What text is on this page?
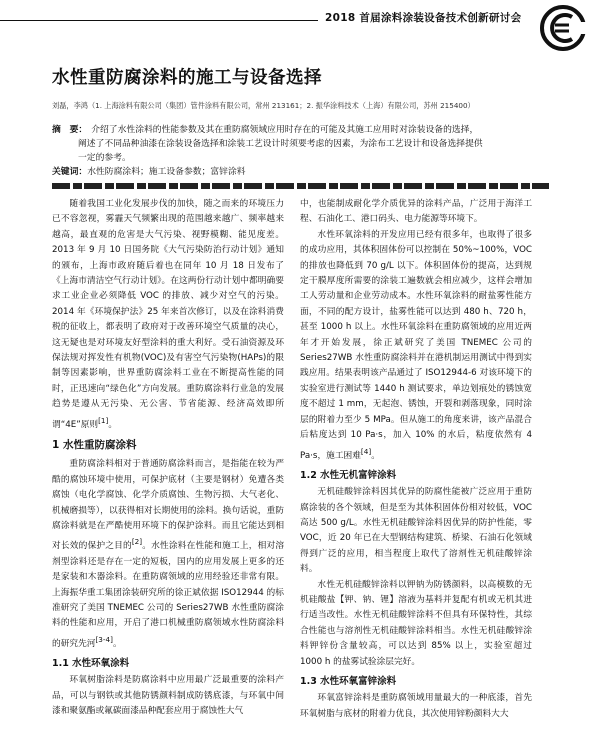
2018 首届涂料涂装设备技术创新研讨会
水性重防腐涂料的施工与设备选择
刘磊，李鸿（1. 上海涂料有限公司（集团）管件涂料有限公司，常州 213161；2. 振华涂料技术（上海）有限公司，苏州 215400）
摘　要： 介绍了水性涂料的性能参数及其在重防腐领域应用时存在的可能及其施工应用时对涂装设备的选择，
阐述了不同品种油漆在涂装设备选择和涂装工艺设计时须要考虑的因素，为涂布工艺设计和设备选择提供
一定的参考。
关键词：水性防腐涂料；施工设备参数；富锌涂料

随着我国工业化发展步伐的加快，随之而来的环境压力已不容忽视，雾霾天气频繁出现的范围越来越广、频率越来越高，最直观的危害是大气污染、视野模糊、能见度差。2013 年 9 月 10 日国务院《大气污染防治行动计划》通知的颁布，上海市政府随后着也在同年 10 月 18 日发布了《上海市清洁空气行动计划》。在这两份行动计划中都明确要求工业企业必须降低 VOC 的排放、减少对空气的污染。2014 年《环境保护法》25 年来首次修订，以及在涂料消费税的征收上，都表明了政府对于改善环境空气质量的决心，这无疑也是对环境友好型涂料的重大利好。受石油资源及环保法规对挥发性有机物(VOC)及有害空气污染物(HAPs)的限制等因素影响，世界重防腐涂料工业在不断提高性能的同时，正迅速向“绿色化”方向发展。重防腐涂料行业急的发展趋势是遵从无污染、无公害、节省能源、经济高效即所谓“4E”原则[1]。

1 水性重防腐涂料

重防腐涂料相对于普通防腐涂料而言，是指能在较为严酷的腐蚀环境中使用，可保护底材（主要是钢材）免遭各类腐蚀（电化学腐蚀、化学介质腐蚀、生物污损、大气老化、机械磨损等），以获得相对长期使用的涂料。换句话说，重防腐涂料就是在严酷使用环境下的保护涂料。而且它能达到相对长效的保护之目的[2]。水性涂料在性能和施工上，相对溶剂型涂料还是存在一定的短板，国内的应用发展上更多的还是家装和木器涂料。在重防腐领域的应用经验还非常有限。上海振华重工集团涂装研究所的徐正斌依据 ISO12944 的标准研究了美国 TNEMEC 公司的 Series27WB 水性重防腐涂料的性能和应用，开启了港口机械重防腐领域水性防腐涂料的研究先河[3-4]。

1.1 水性环氧涂料

环氧树脂涂料是防腐涂料中应用最广泛最重要的涂料产品，可以与钢铁或其他防锈颜料制成防锈底漆，与环氧中间漆和聚氨酯或氟碳面漆品种配套应用于腐蚀性大气

中，也能制成耐化学介质优异的涂料产品，广泛用于海洋工程、石油化工、港口码头、电力能源等环境下。

水性环氧涂料的开发应用已经有很多年，也取得了很多的成功应用，其体积固体份可以控制在 50%~100%，VOC 的排放也降低到 70 g/L 以下。体积固体份的提高，达到规定干膜厚度所需要的涂装工遍数就会相应减少，这样会增加工人劳动量和企业劳动成本。水性环氧涂料的耐盐雾性能方面，不同的配方设计，盐雾性能可以达到 480 h、720 h，甚至 1000 h 以上。水性环氧涂料在重防腐领域的应用近两年才开始发展，徐正斌研究了美国 TNEMEC 公司的 Series27WB 水性重防腐涂料并在港机制运用测试中得到实践应用。结果表明该产品通过了 ISO12944-6 对该环境下的实验室进行测试等 1440 h 测试要求，单边划痕处的锈蚀宽度不超过 1 mm，无起泡、锈蚀，开裂和剥落现象，同时涂层的附着力至少 5 MPa。但从施工的角度来讲，该产品混合后粘度达到 10 Pa·s，加入 10% 的水后，粘度依然有 4 Pa·s，施工困难[4]。

1.2 水性无机富锌涂料

无机硅酸锌涂料因其优异的防腐性能被广泛应用于重防腐涂装的各个领域，但是至为其体积固体份相对较低，VOC 高达 500 g/L。水性无机硅酸锌涂料因优异的防护性能，零 VOC，近 20 年已在大型钢结构建筑、桥梁、石油石化领域得到广泛的应用，相当程度上取代了溶剂性无机硅酸锌涂料。

水性无机硅酸锌涂料以钾钠为防锈颜料，以高模数的无机硅酸盐【钾、钠、锂】溶液为基料并复配有机或无机其进行适当改性。水性无机硅酸锌涂料不但具有环保特性，其综合性能也与溶剂性无机硅酸锌涂料相当。水性无机硅酸锌涂料钾锌份含量较高，可以达到 85% 以上，实验室超过 1000 h 的盐雾试验涂层完好。

1.3 水性环氧富锌涂料

环氧富锌涂料是重防腐领域用量最大的一种底漆，首先环氧树脂与底材的附着力优良，其次使用锌粉颜料大大
